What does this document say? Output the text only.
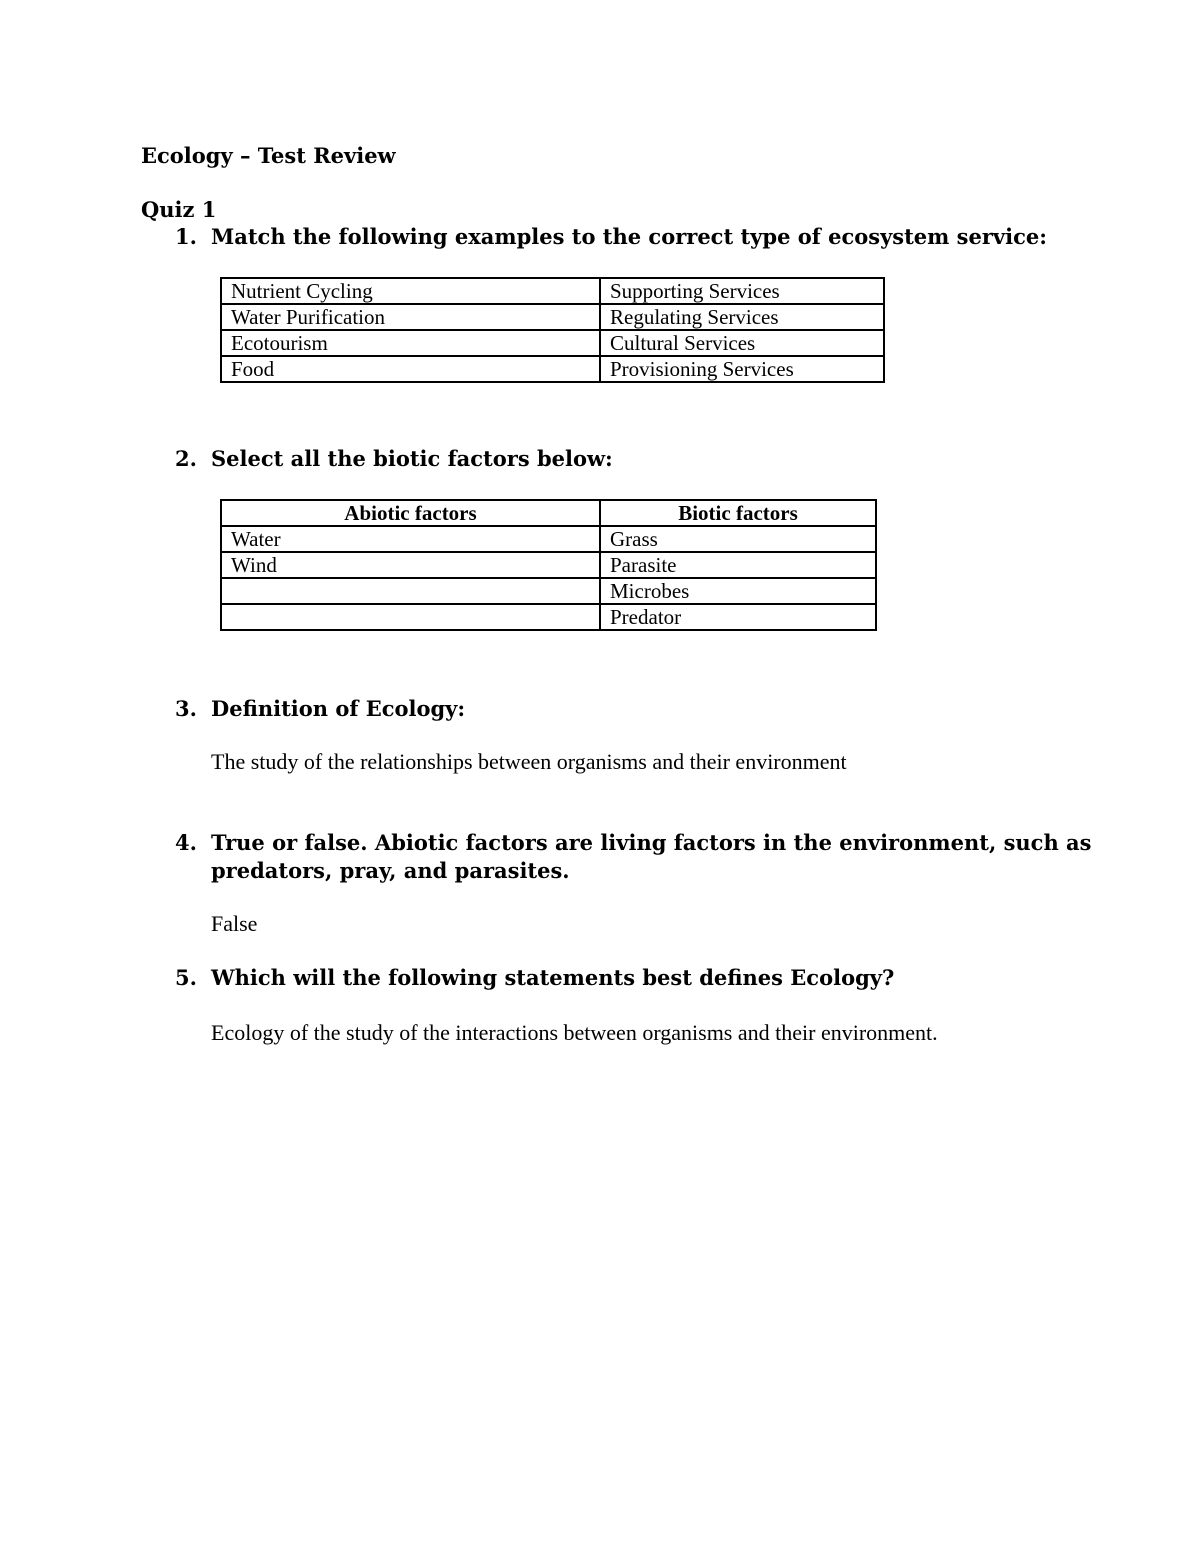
Ecology – Test Review
Quiz 1
1. Match the following examples to the correct type of ecosystem service:
Nutrient Cycling	Supporting Services
Water Purification	Regulating Services
Ecotourism	Cultural Services
Food	Provisioning Services
2. Select all the biotic factors below:
Abiotic factors	Biotic factors
Water	Grass
Wind	Parasite
	Microbes
	Predator
3. Definition of Ecology:
The study of the relationships between organisms and their environment
4. True or false. Abiotic factors are living factors in the environment, such as
predators, pray, and parasites.
False
5. Which will the following statements best defines Ecology?
Ecology of the study of the interactions between organisms and their environment.
